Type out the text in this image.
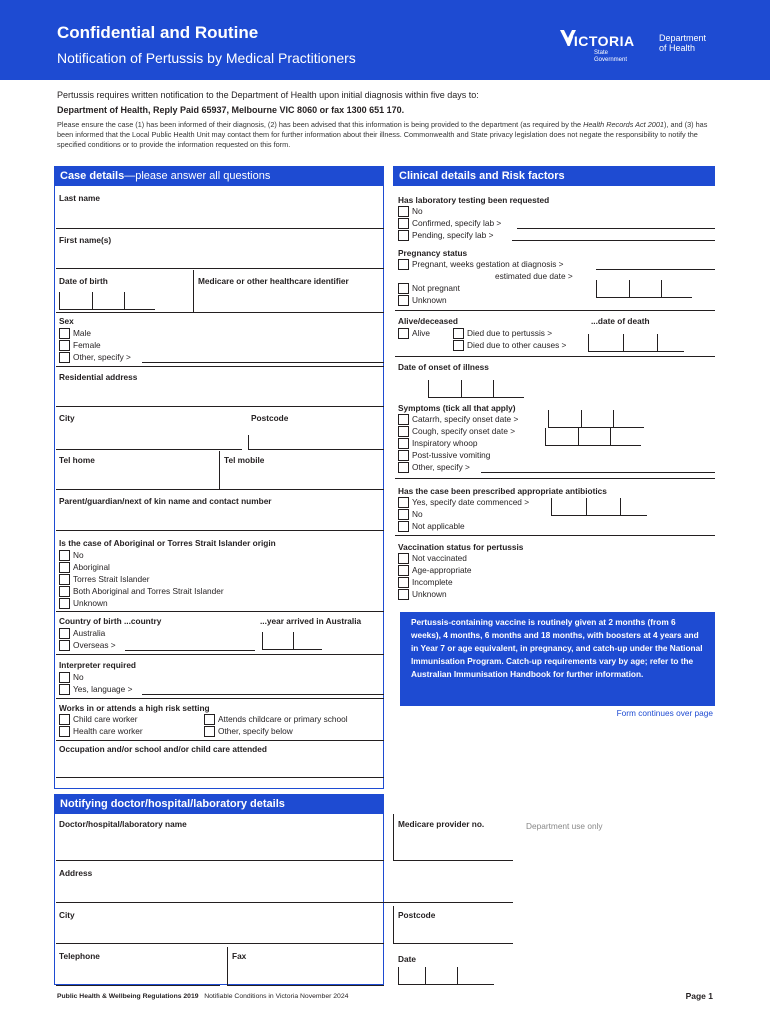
Confidential and Routine
Notification of Pertussis by Medical Practitioners
VICTORIA
State
Government
Department
of Health
Pertussis requires written notification to the Department of Health upon initial diagnosis within five days to:
Department of Health, Reply Paid 65937, Melbourne VIC 8060 or fax 1300 651 170.
Please ensure the case (1) has been informed of their diagnosis, (2) has been advised that this information is being provided to the department (as required by the Health Records Act 2001), and (3) has been informed that the Local Public Health Unit may contact them for further information about their illness. Commonwealth and State privacy legislation does not negate the responsibility to notify the specified conditions or to provide the information requested on this form.
Case details—please answer all questions
Last name
First name(s)
Date of birth	Medicare or other healthcare identifier
Sex
Male
Female
Other, specify >
Residential address
City	Postcode
Tel home	Tel mobile
Parent/guardian/next of kin name and contact number
Is the case of Aboriginal or Torres Strait Islander origin
No
Aboriginal
Torres Strait Islander
Both Aboriginal and Torres Strait Islander
Unknown
Country of birth ...country	...year arrived in Australia
Australia
Overseas >
Interpreter required
No
Yes, language >
Works in or attends a high risk setting
Child care worker
Health care worker
Attends childcare or primary school
Other, specify below
Occupation and/or school and/or child care attended
Clinical details and Risk factors
Has laboratory testing been requested
No
Confirmed, specify lab >
Pending, specify lab >
Pregnancy status
Pregnant, weeks gestation at diagnosis >
estimated due date >
Not pregnant
Unknown
Alive/deceased	...date of death
Alive	Died due to pertussis >
Died due to other causes >
Date of onset of illness
Symptoms (tick all that apply)
Catarrh, specify onset date >
Cough, specify onset date >
Inspiratory whoop
Post-tussive vomiting
Other, specify >
Has the case been prescribed appropriate antibiotics
Yes, specify date commenced >
No
Not applicable
Vaccination status for pertussis
Not vaccinated
Age-appropriate
Incomplete
Unknown
Pertussis-containing vaccine is routinely given at 2 months (from 6 weeks), 4 months, 6 months and 18 months, with boosters at 4 years and in Year 7 or age equivalent, in pregnancy, and catch-up under the National Immunisation Program. Catch-up requirements vary by age; refer to the Australian Immunisation Handbook for further information.
Form continues over page
Notifying doctor/hospital/laboratory details
Doctor/hospital/laboratory name	Medicare provider no.	Department use only
Address
City	Postcode
Telephone	Fax	Date
Public Health & Wellbeing Regulations 2019 Notifiable Conditions in Victoria November 2024	Page 1
